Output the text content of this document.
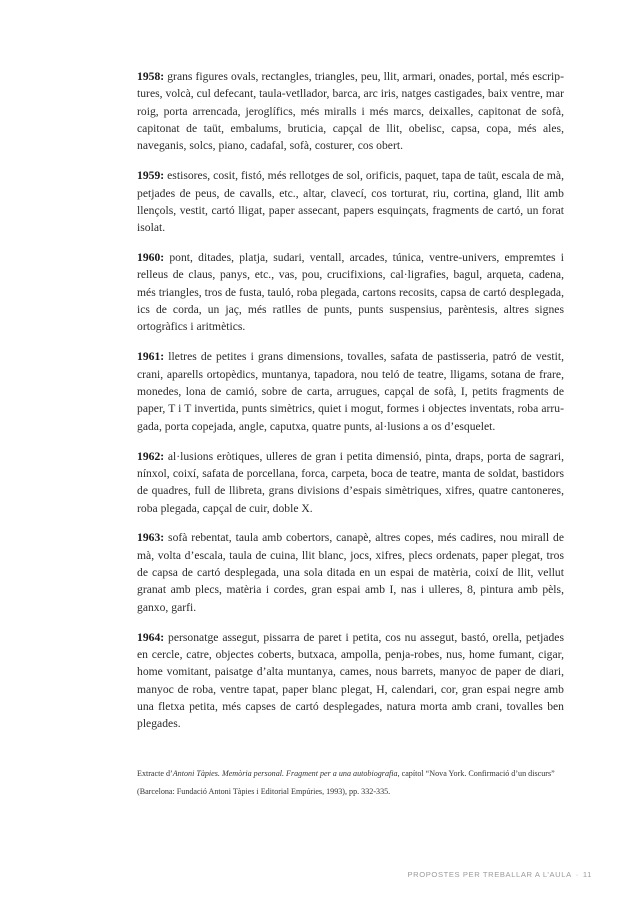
1958: grans figures ovals, rectangles, triangles, peu, llit, armari, onades, portal, més escriptures, volcà, cul defecant, taula-vetllador, barca, arc iris, natges castigades, baix ventre, mar roig, porta arrencada, jeroglífics, més miralls i més marcs, deixalles, capitonat de sofà, capitonat de taüt, embalums, bruticia, capçal de llit, obelisc, capsa, copa, més ales, naveganis, solcs, piano, cadafal, sofà, costurer, cos obert.

1959: estisores, cosit, fistó, més rellotges de sol, orificis, paquet, tapa de taüt, escala de mà, petjades de peus, de cavalls, etc., altar, clavecí, cos torturat, riu, cortina, gland, llit amb llençols, vestit, cartó lligat, paper assecant, papers esquinçats, fragments de cartó, un forat isolat.

1960: pont, ditades, platja, sudari, ventall, arcades, túnica, ventre-univers, empremtes i relleus de claus, panys, etc., vas, pou, crucifixions, cal·ligrafies, bagul, arqueta, cadena, més triangles, tros de fusta, tauló, roba plegada, cartons recosits, capsa de cartó desplegada, ics de corda, un jaç, més ratlles de punts, punts suspensius, parèntesis, altres signes ortogràfics i aritmètics.

1961: lletres de petites i grans dimensions, tovalles, safata de pastisseria, patró de vestit, crani, aparells ortopèdics, muntanya, tapadora, nou teló de teatre, lligams, sotana de frare, monedes, lona de camió, sobre de carta, arrugues, capçal de sofà, I, petits fragments de paper, T i T invertida, punts simètrics, quiet i mogut, formes i objectes inventats, roba arrugada, porta copejada, angle, caputxa, quatre punts, al·lusions a os d’esquelet.

1962: al·lusions eròtiques, ulleres de gran i petita dimensió, pinta, draps, porta de sagrari, nínxol, coixí, safata de porcellana, forca, carpeta, boca de teatre, manta de soldat, bastidors de quadres, full de llibreta, grans divisions d’espais simètriques, xifres, quatre cantoneres, roba plegada, capçal de cuir, doble X.

1963: sofà rebentat, taula amb cobertors, canapè, altres copes, més cadires, nou mirall de mà, volta d’escala, taula de cuina, llit blanc, jocs, xifres, plecs ordenats, paper plegat, tros de capsa de cartó desplegada, una sola ditada en un espai de matèria, coixí de llit, vellut granat amb plecs, matèria i cordes, gran espai amb I, nas i ulleres, 8, pintura amb pèls, ganxo, garfi.

1964: personatge assegut, pissarra de paret i petita, cos nu assegut, bastó, orella, petjades en cercle, catre, objectes coberts, butxaca, ampolla, penja-robes, nus, home fumant, cigar, home vomitant, paisatge d’alta muntanya, cames, nous barrets, manyoc de paper de diari, manyoc de roba, ventre tapat, paper blanc plegat, H, calendari, cor, gran espai negre amb una fletxa petita, més capses de cartó desplegades, natura morta amb crani, tovalles ben plegades.

Extracte d’Antoni Tàpies. Memòria personal. Fragment per a una autobiografia, capítol “Nova York. Confirmació d’un discurs”

(Barcelona: Fundació Antoni Tàpies i Editorial Empúries, 1993), pp. 332-335.

PROPOSTES PER TREBALLAR A L’AULA · 11
